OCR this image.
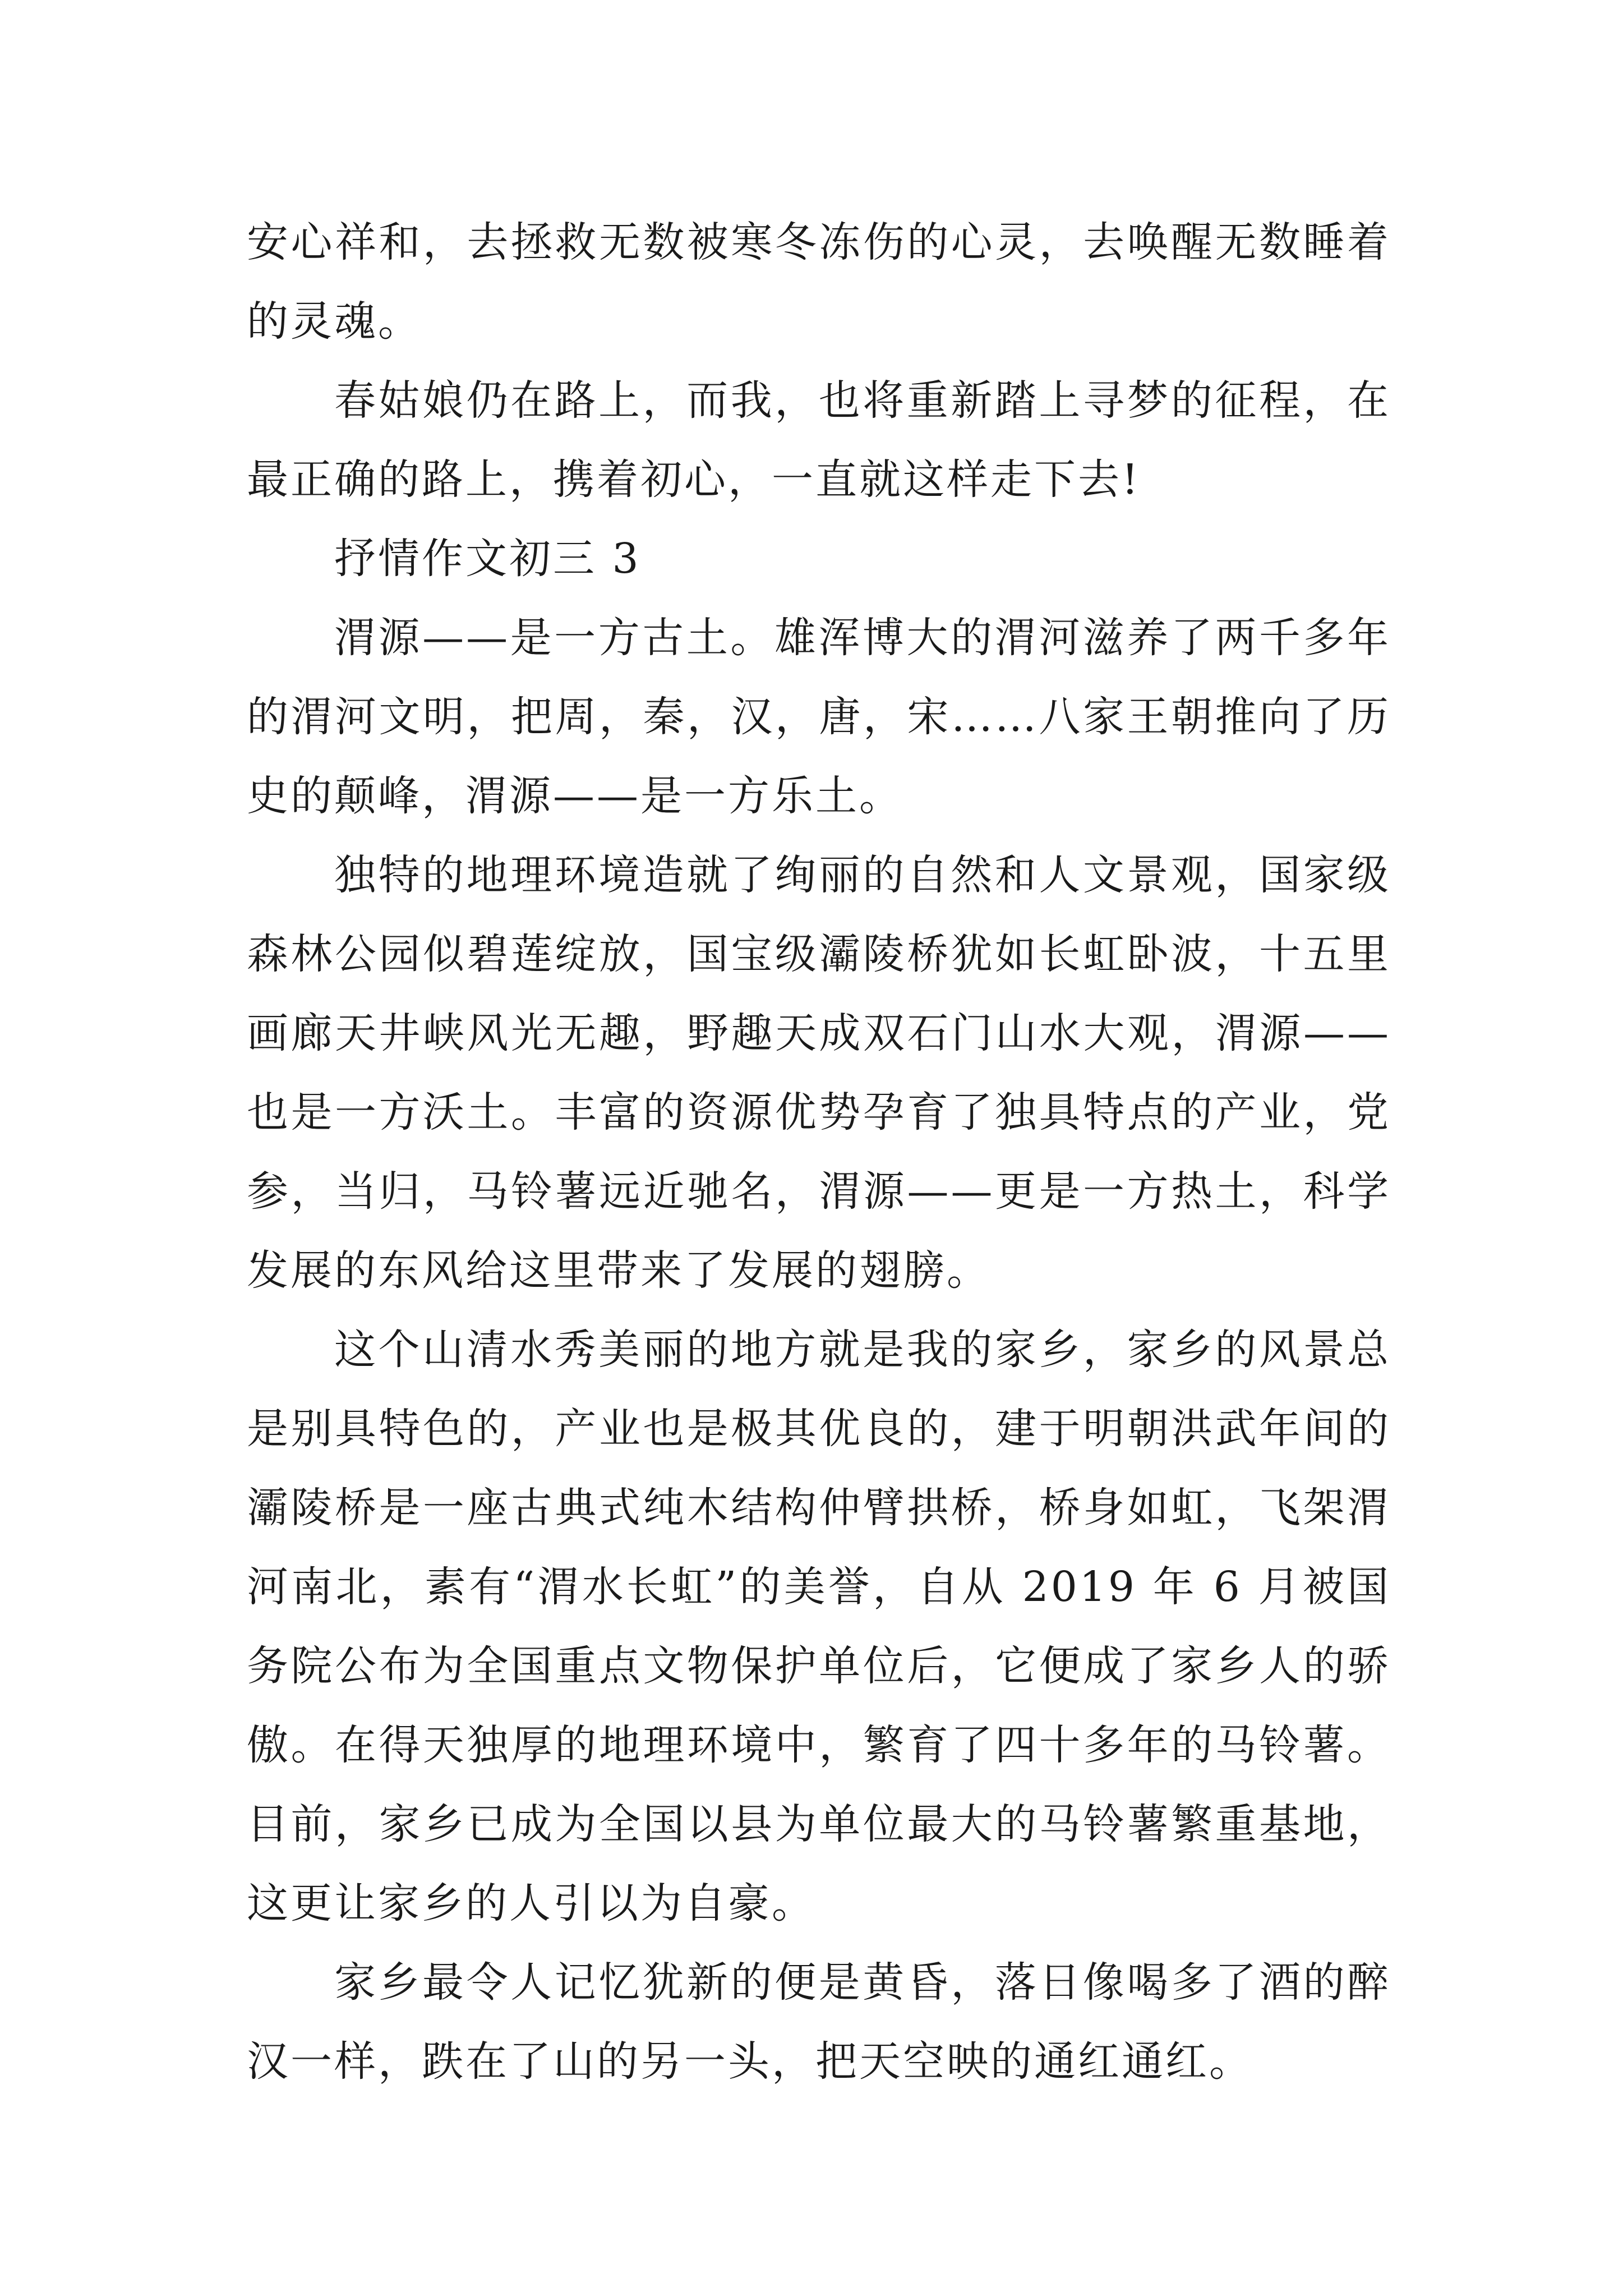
安心祥和，去拯救无数被寒冬冻伤的心灵，去唤醒无数睡着的灵魂。

春姑娘仍在路上，而我，也将重新踏上寻梦的征程，在最正确的路上，携着初心，一直就这样走下去!

抒情作文初三 3

渭源——是一方古土。雄浑博大的渭河滋养了两千多年的渭河文明，把周，秦，汉，唐，宋……八家王朝推向了历史的颠峰，渭源——是一方乐土。

独特的地理环境造就了绚丽的自然和人文景观，国家级森林公园似碧莲绽放，国宝级灞陵桥犹如长虹卧波，十五里画廊天井峡风光无趣，野趣天成双石门山水大观，渭源——也是一方沃土。丰富的资源优势孕育了独具特点的产业，党参，当归，马铃薯远近驰名，渭源——更是一方热土，科学发展的东风给这里带来了发展的翅膀。

这个山清水秀美丽的地方就是我的家乡，家乡的风景总是别具特色的，产业也是极其优良的，建于明朝洪武年间的灞陵桥是一座古典式纯木结构仲臂拱桥，桥身如虹，飞架渭河南北，素有“渭水长虹”的美誉，自从 2019 年 6 月被国务院公布为全国重点文物保护单位后，它便成了家乡人的骄傲。在得天独厚的地理环境中，繁育了四十多年的马铃薯。目前，家乡已成为全国以县为单位最大的马铃薯繁重基地，这更让家乡的人引以为自豪。

家乡最令人记忆犹新的便是黄昏，落日像喝多了酒的醉汉一样，跌在了山的另一头，把天空映的通红通红。
